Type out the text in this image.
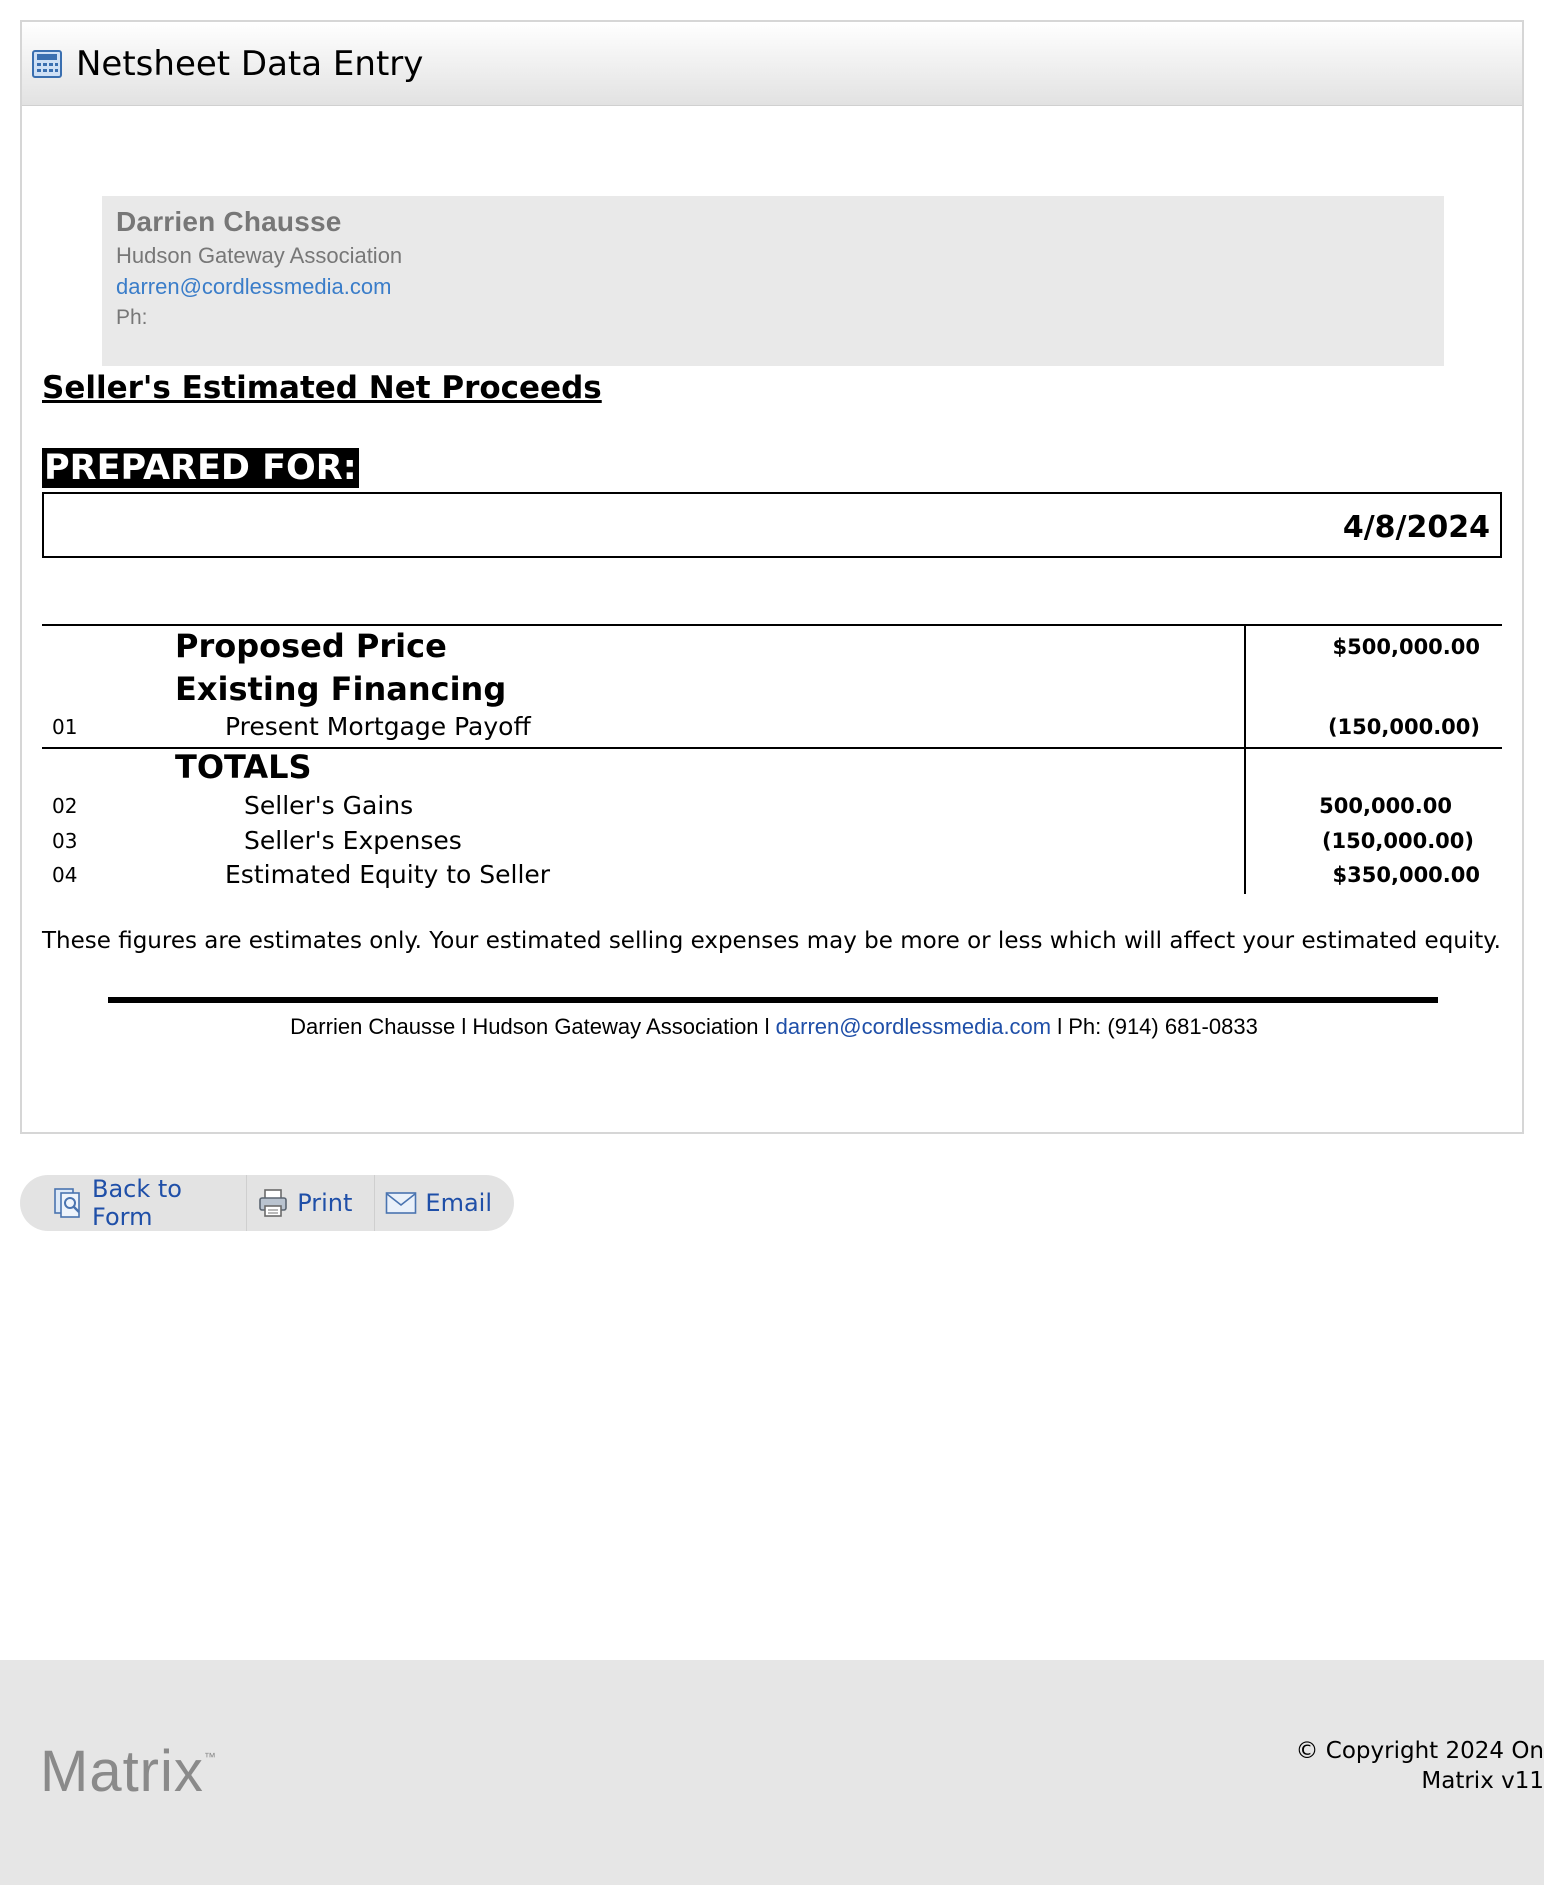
Netsheet Data Entry
Darrien Chausse
Hudson Gateway Association
darren@cordlessmedia.com
Ph:
Seller's Estimated Net Proceeds
PREPARED FOR:
4/8/2024
Proposed Price	$500,000.00
Existing Financing
01	Present Mortgage Payoff	(150,000.00)
TOTALS
02	Seller's Gains	500,000.00
03	Seller's Expenses	(150,000.00)
04	Estimated Equity to Seller	$350,000.00
These figures are estimates only. Your estimated selling expenses may be more or less which will affect your estimated equity.
Darrien Chausse l Hudson Gateway Association l darren@cordlessmedia.com l Ph: (914) 681-0833
Back to Form	Print	Email
Matrix™	© Copyright 2024 On
Matrix v11
